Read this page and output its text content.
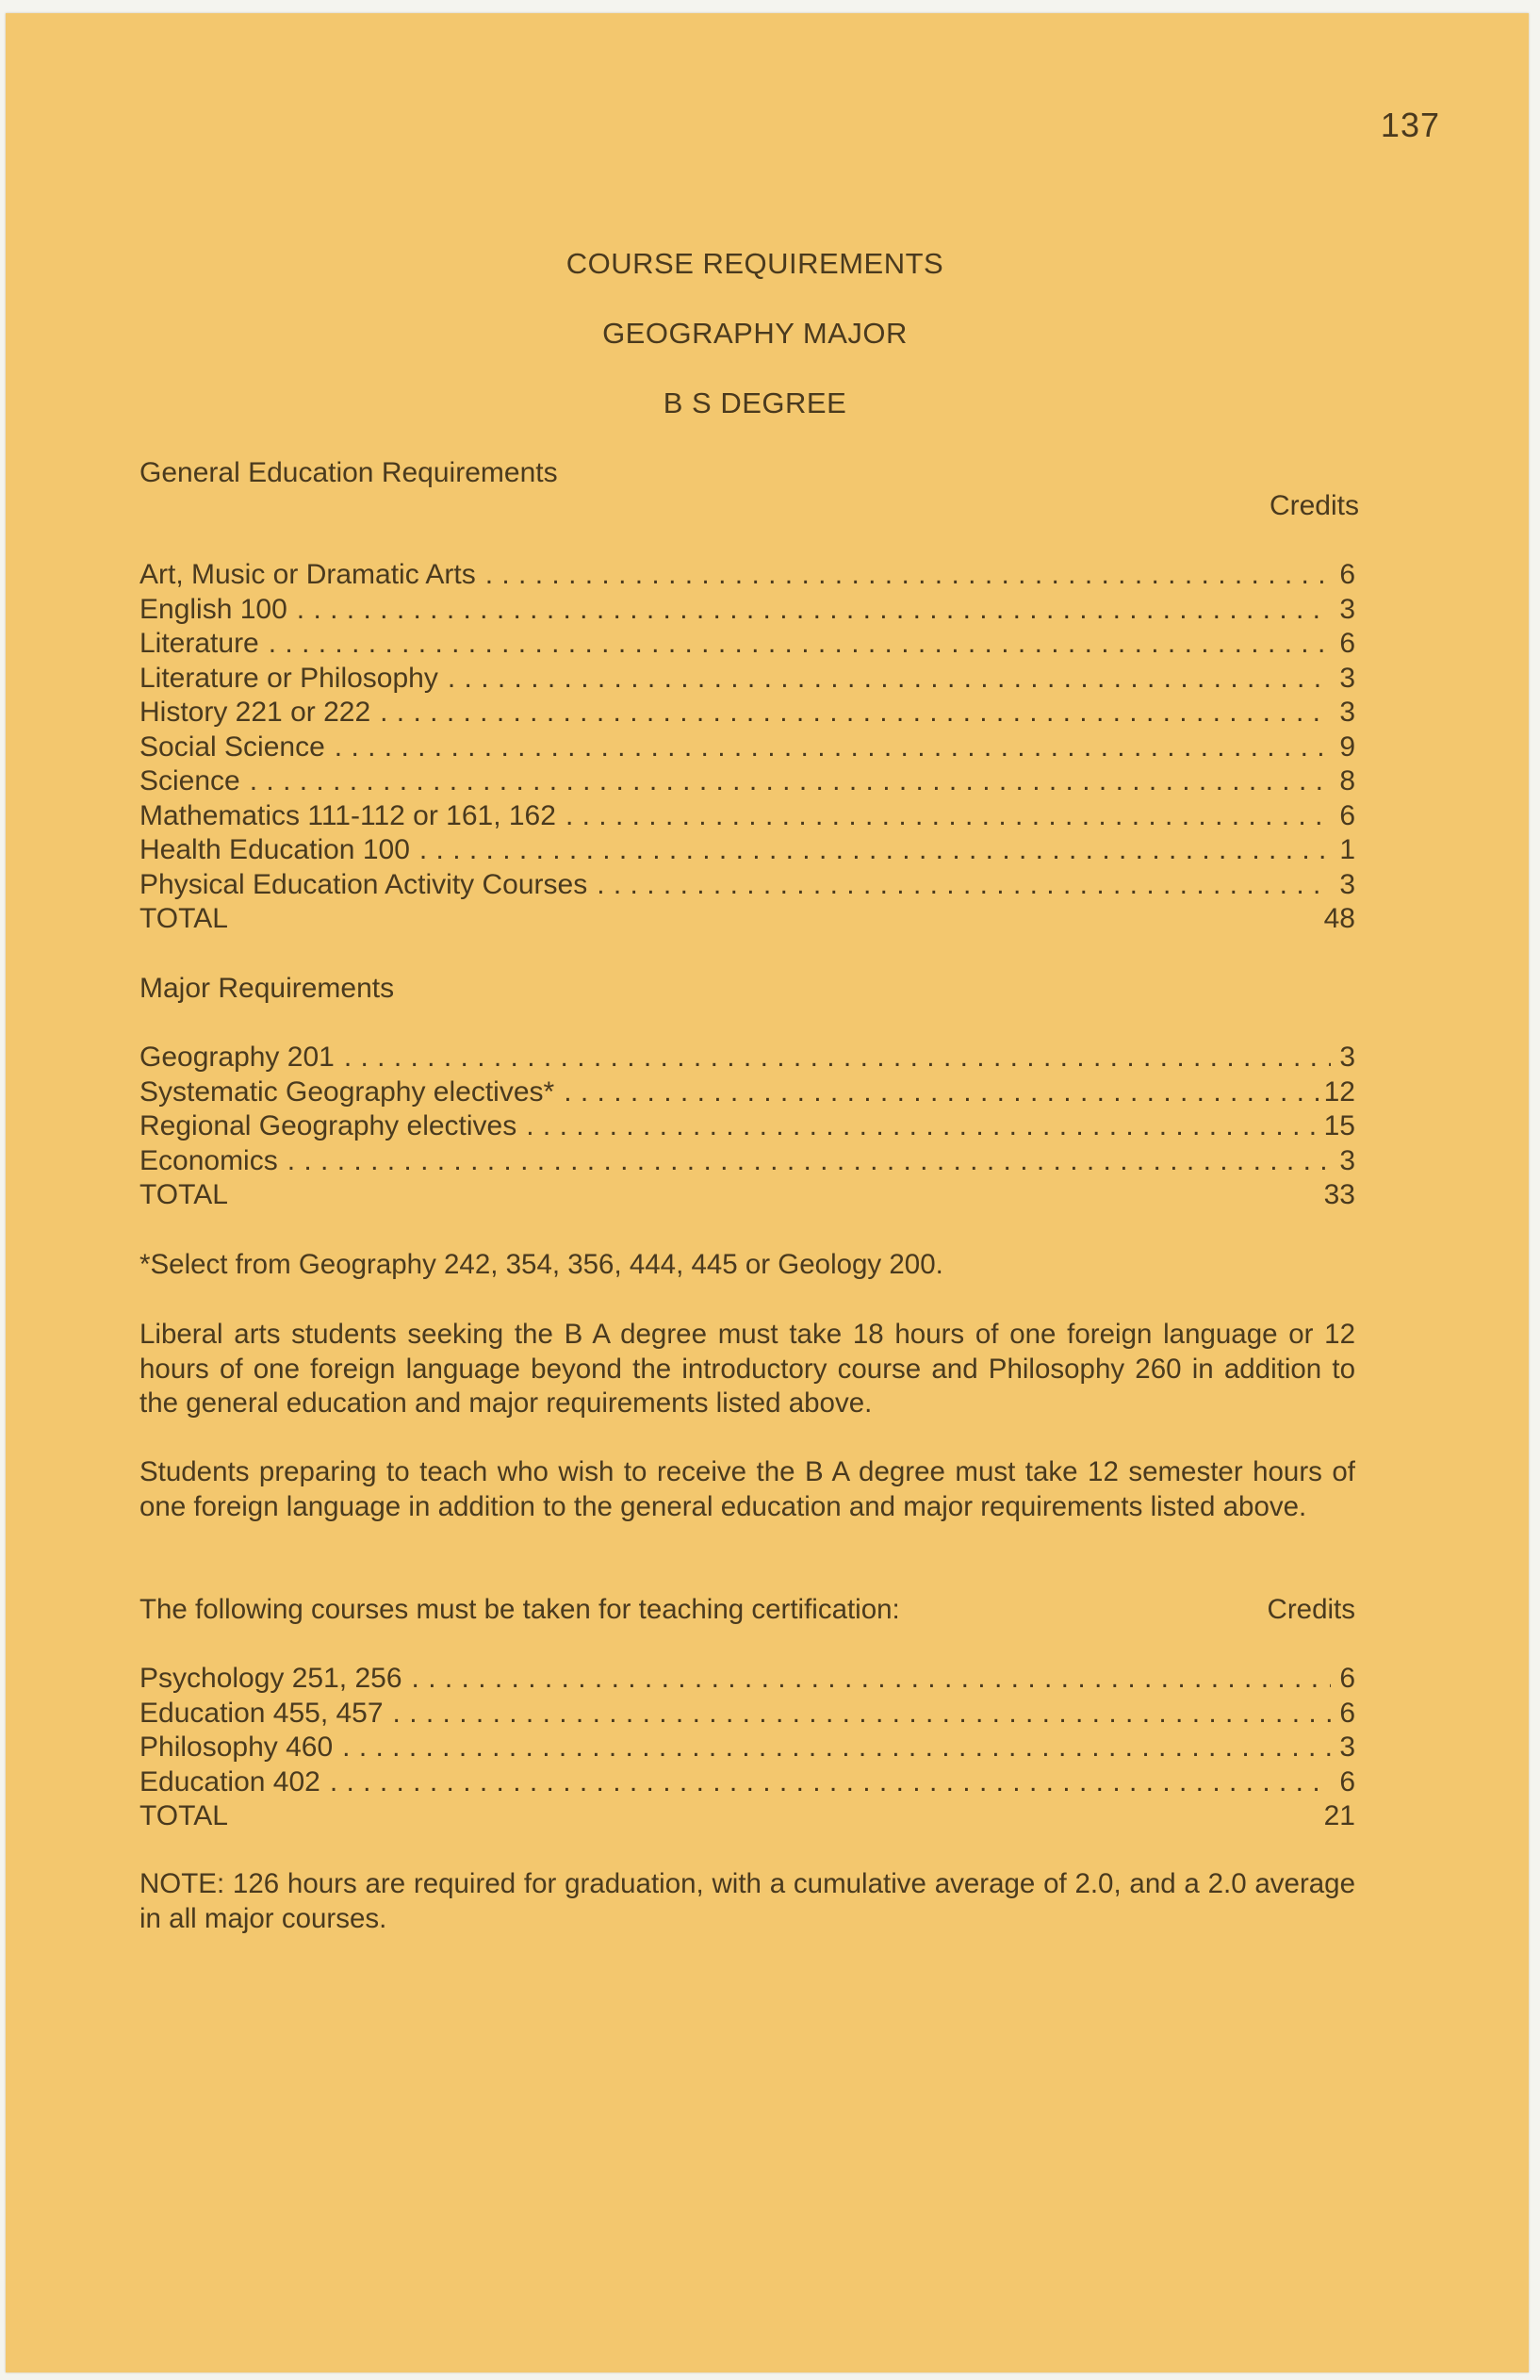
137
COURSE REQUIREMENTS
GEOGRAPHY MAJOR
B S DEGREE
General Education Requirements
Credits
Art, Music or Dramatic Arts . . .	6
English 100 . . .	3
Literature . . .	6
Literature or Philosophy . . .	3
History 221 or 222 . . .	3
Social Science . . .	9
Science . . .	8
Mathematics 111-112 or 161, 162 . . .	6
Health Education 100 . . .	1
Physical Education Activity Courses . . .	3
TOTAL	48
Major Requirements
Geography 201 . . .	3
Systematic Geography electives* . . .	12
Regional Geography electives . . .	15
Economics . . .	3
TOTAL	33
*Select from Geography 242, 354, 356, 444, 445 or Geology 200.
Liberal arts students seeking the B A degree must take 18 hours of one foreign language or 12 hours of one foreign language beyond the introductory course and Philosophy 260 in addition to the general education and major requirements listed above.
Students preparing to teach who wish to receive the B A degree must take 12 semester hours of one foreign language in addition to the general education and major requirements listed above.
The following courses must be taken for teaching certification:	Credits
Psychology 251, 256 . . .	6
Education 455, 457 . . .	6
Philosophy 460 . . .	3
Education 402 . . .	6
TOTAL	21
NOTE: 126 hours are required for graduation, with a cumulative average of 2.0, and a 2.0 average in all major courses.
